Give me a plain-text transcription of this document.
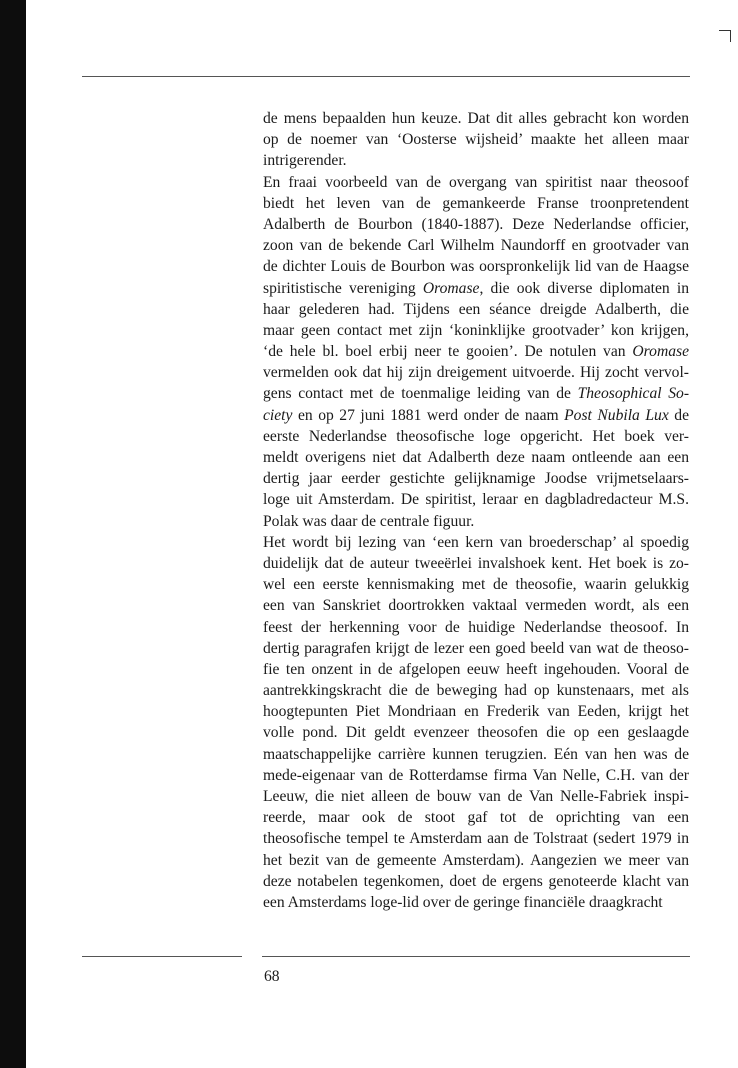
de mens bepaalden hun keuze. Dat dit alles gebracht kon worden
op de noemer van ‘Oosterse wijsheid’ maakte het alleen maar
intrigerender.
En fraai voorbeeld van de overgang van spiritist naar theosoof
biedt het leven van de gemankeerde Franse troonpretendent
Adalberth de Bourbon (1840-1887). Deze Nederlandse officier,
zoon van de bekende Carl Wilhelm Naundorff en grootvader van
de dichter Louis de Bourbon was oorspronkelijk lid van de Haagse
spiritistische vereniging Oromase, die ook diverse diplomaten in
haar gelederen had. Tijdens een séance dreigde Adalberth, die
maar geen contact met zijn ‘koninklijke grootvader’ kon krijgen,
‘de hele bl. boel erbij neer te gooien’. De notulen van Oromase
vermelden ook dat hij zijn dreigement uitvoerde. Hij zocht vervol-
gens contact met de toenmalige leiding van de Theosophical So-
ciety en op 27 juni 1881 werd onder de naam Post Nubila Lux de
eerste Nederlandse theosofische loge opgericht. Het boek ver-
meldt overigens niet dat Adalberth deze naam ontleende aan een
dertig jaar eerder gestichte gelijknamige Joodse vrijmetselaars-
loge uit Amsterdam. De spiritist, leraar en dagbladredacteur M.S.
Polak was daar de centrale figuur.
Het wordt bij lezing van ‘een kern van broederschap’ al spoedig
duidelijk dat de auteur tweeërlei invalshoek kent. Het boek is zo-
wel een eerste kennismaking met de theosofie, waarin gelukkig
een van Sanskriet doortrokken vaktaal vermeden wordt, als een
feest der herkenning voor de huidige Nederlandse theosoof. In
dertig paragrafen krijgt de lezer een goed beeld van wat de theoso-
fie ten onzent in de afgelopen eeuw heeft ingehouden. Vooral de
aantrekkingskracht die de beweging had op kunstenaars, met als
hoogtepunten Piet Mondriaan en Frederik van Eeden, krijgt het
volle pond. Dit geldt evenzeer theosofen die op een geslaagde
maatschappelijke carrière kunnen terugzien. Eén van hen was de
mede-eigenaar van de Rotterdamse firma Van Nelle, C.H. van der
Leeuw, die niet alleen de bouw van de Van Nelle-Fabriek inspi-
reerde, maar ook de stoot gaf tot de oprichting van een
theosofische tempel te Amsterdam aan de Tolstraat (sedert 1979 in
het bezit van de gemeente Amsterdam). Aangezien we meer van
deze notabelen tegenkomen, doet de ergens genoteerde klacht van
een Amsterdams loge-lid over de geringe financiële draagkracht
68
